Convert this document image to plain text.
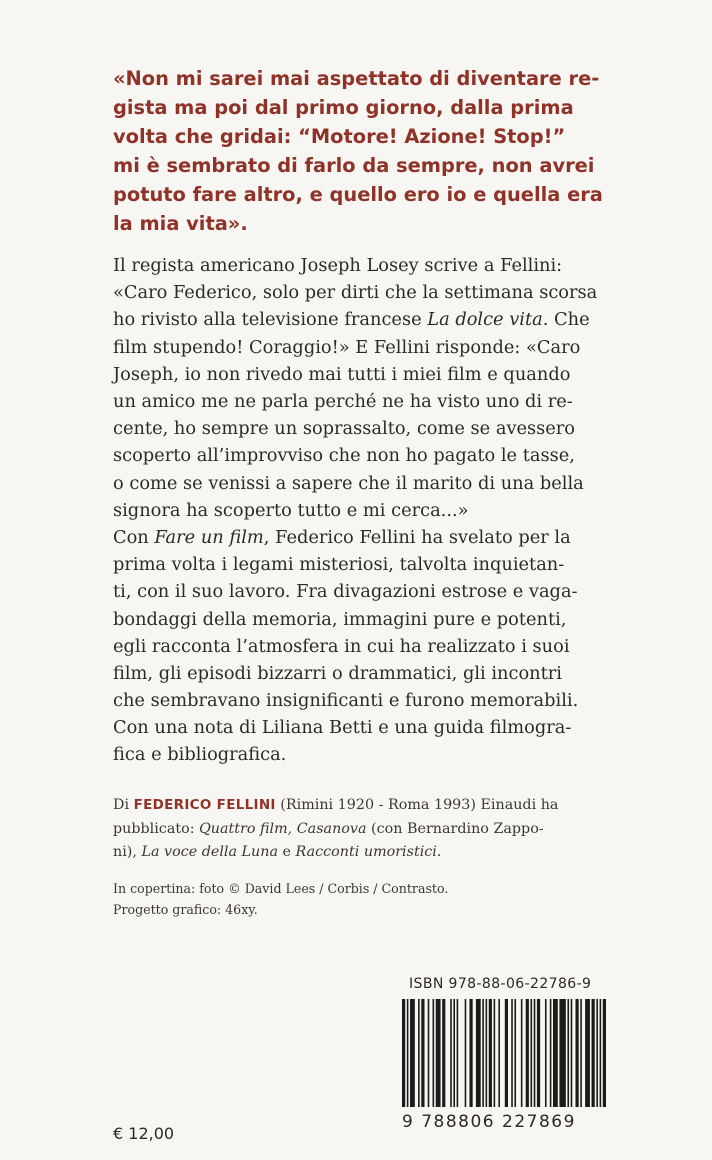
«Non mi sarei mai aspettato di diventare re-
gista ma poi dal primo giorno, dalla prima
volta che gridai: “Motore! Azione! Stop!”
mi è sembrato di farlo da sempre, non avrei
potuto fare altro, e quello ero io e quella era
la mia vita».
Il regista americano Joseph Losey scrive a Fellini:
«Caro Federico, solo per dirti che la settimana scorsa
ho rivisto alla televisione francese La dolce vita. Che
film stupendo! Coraggio!» E Fellini risponde: «Caro
Joseph, io non rivedo mai tutti i miei film e quando
un amico me ne parla perché ne ha visto uno di re-
cente, ho sempre un soprassalto, come se avessero
scoperto all’improvviso che non ho pagato le tasse,
o come se venissi a sapere che il marito di una bella
signora ha scoperto tutto e mi cerca...»
Con Fare un film, Federico Fellini ha svelato per la
prima volta i legami misteriosi, talvolta inquietan-
ti, con il suo lavoro. Fra divagazioni estrose e vaga-
bondaggi della memoria, immagini pure e potenti,
egli racconta l’atmosfera in cui ha realizzato i suoi
film, gli episodi bizzarri o drammatici, gli incontri
che sembravano insignificanti e furono memorabili.
Con una nota di Liliana Betti e una guida filmogra-
fica e bibliografica.
Di FEDERICO FELLINI (Rimini 1920 - Roma 1993) Einaudi ha
pubblicato: Quattro film, Casanova (con Bernardino Zappo-
ni), La voce della Luna e Racconti umoristici.
In copertina: foto © David Lees / Corbis / Contrasto.
Progetto grafico: 46xy.
ISBN 978-88-06-22786-9
9 788806 227869
€ 12,00
